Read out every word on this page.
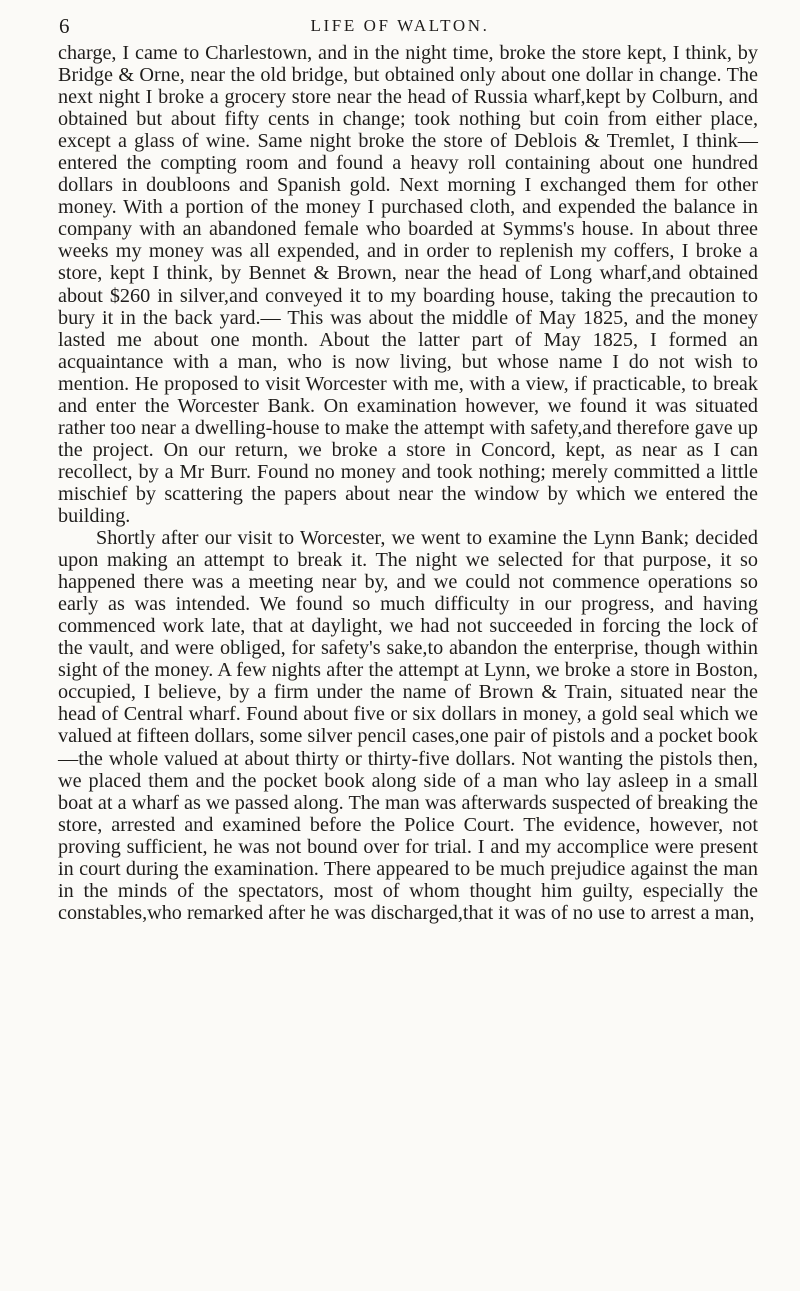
6	LIFE OF WALTON.

charge, I came to Charlestown, and in the night time, broke the store kept, I think, by Bridge & Orne, near the old bridge, but obtained only about one dollar in change. The next night I broke a grocery store near the head of Russia wharf,kept by Colburn, and obtained but about fifty cents in change; took nothing but coin from either place, except a glass of wine. Same night broke the store of Deblois & Tremlet, I think—entered the compting room and found a heavy roll containing about one hundred dollars in doubloons and Spanish gold. Next morning I exchanged them for other money. With a portion of the money I purchased cloth, and expended the balance in company with an abandoned female who boarded at Symms's house. In about three weeks my money was all expended, and in order to replenish my coffers, I broke a store, kept I think, by Bennet & Brown, near the head of Long wharf,and obtained about $260 in silver,and conveyed it to my boarding house, taking the precaution to bury it in the back yard.— This was about the middle of May 1825, and the money lasted me about one month. About the latter part of May 1825, I formed an acquaintance with a man, who is now living, but whose name I do not wish to mention. He proposed to visit Worcester with me, with a view, if practicable, to break and enter the Worcester Bank. On examination however, we found it was situated rather too near a dwelling-house to make the attempt with safety,and therefore gave up the project. On our return, we broke a store in Concord, kept, as near as I can recollect, by a Mr Burr. Found no money and took nothing; merely committed a little mischief by scattering the papers about near the window by which we entered the building.

Shortly after our visit to Worcester, we went to examine the Lynn Bank; decided upon making an attempt to break it. The night we selected for that purpose, it so happened there was a meeting near by, and we could not commence operations so early as was intended. We found so much difficulty in our progress, and having commenced work late, that at daylight, we had not succeeded in forcing the lock of the vault, and were obliged, for safety's sake,to abandon the enterprise, though within sight of the money. A few nights after the attempt at Lynn, we broke a store in Boston, occupied, I believe, by a firm under the name of Brown & Train, situated near the head of Central wharf. Found about five or six dollars in money, a gold seal which we valued at fifteen dollars, some silver pencil cases,one pair of pistols and a pocket book—the whole valued at about thirty or thirty-five dollars. Not wanting the pistols then, we placed them and the pocket book along side of a man who lay asleep in a small boat at a wharf as we passed along. The man was afterwards suspected of breaking the store, arrested and examined before the Police Court. The evidence, however, not proving sufficient, he was not bound over for trial. I and my accomplice were present in court during the examination. There appeared to be much prejudice against the man in the minds of the spectators, most of whom thought him guilty, especially the constables,who remarked after he was discharged,that it was of no use to arrest a man,
